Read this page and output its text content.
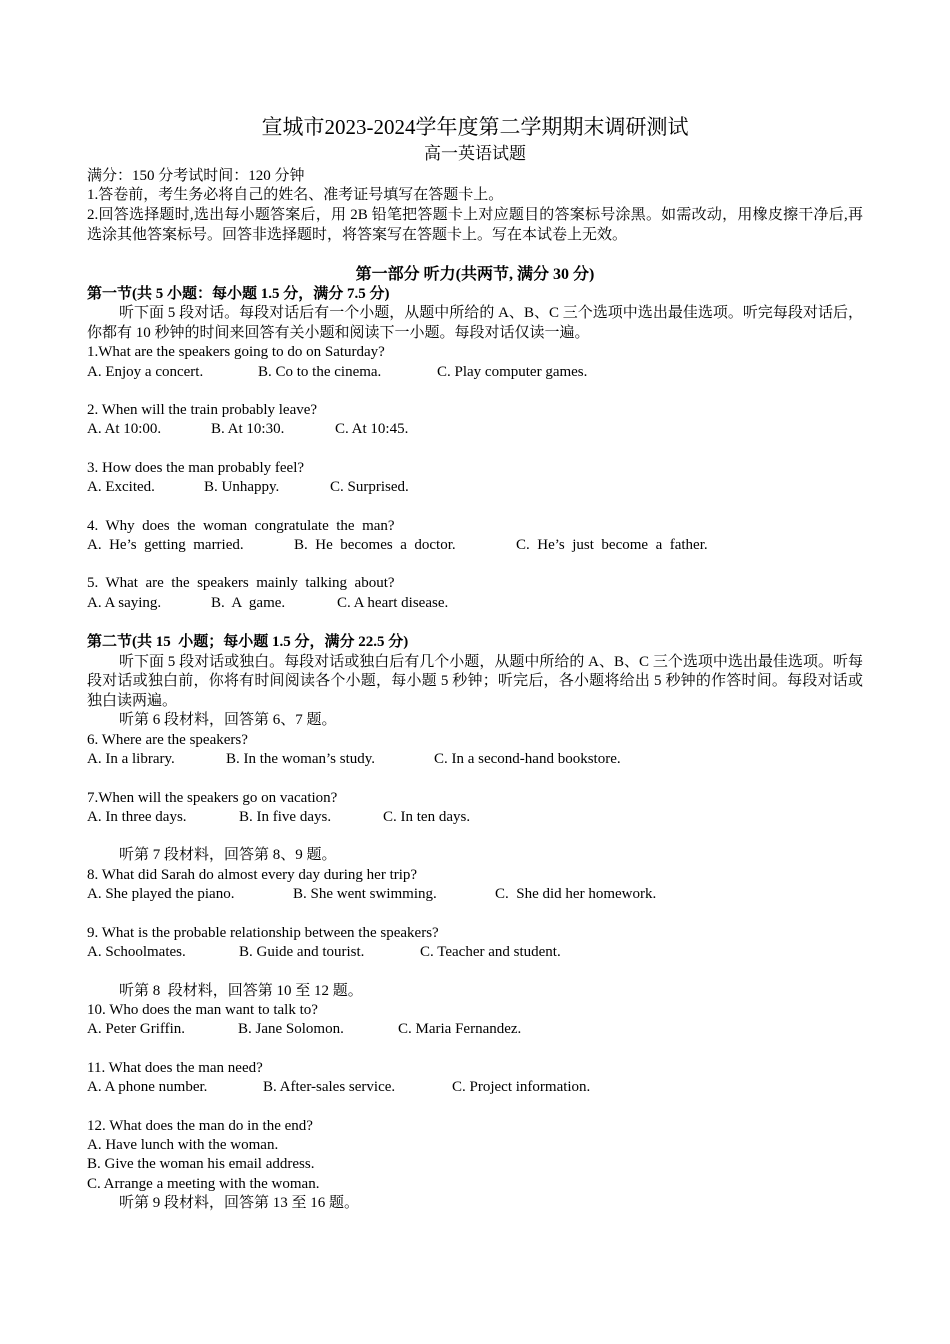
宣城市2023-2024学年度第二学期期末调研测试

高一英语试题

满分：150 分考试时间：120 分钟

1.答卷前，考生务必将自己的姓名、准考证号填写在答题卡上。

2.回答选择题时,选出每小题答案后，用 2B 铅笔把答题卡上对应题目的答案标号涂黑。如需改动，用橡皮擦干净后,再选涂其他答案标号。回答非选择题时，将答案写在答题卡上。写在本试卷上无效。

第一部分 听力(共两节, 满分 30 分)

第一节(共 5 小题：每小题 1.5 分，满分 7.5 分)

听下面 5 段对话。每段对话后有一个小题，从题中所给的 A、B、C 三个选项中选出最佳选项。听完每段对话后，你都有 10 秒钟的时间来回答有关小题和阅读下一小题。每段对话仅读一遍。

1.What are the speakers going to do on Saturday?

A. Enjoy a concert.	B. Co to the cinema.	C. Play computer games.

2. When will the train probably leave?

A. At 10:00.	B. At 10:30.	C. At 10:45.

3. How does the man probably feel?

A. Excited.	B. Unhappy.	C. Surprised.

4.  Why  does  the  woman  congratulate  the  man?

A.  He’s  getting  married.	B.  He  becomes  a  doctor.	C.  He’s  just  become  a  father.

5.  What  are  the  speakers  mainly  talking  about?

A. A saying.	B.  A  game.	C. A heart disease.

第二节(共 15  小题；每小题 1.5 分，满分 22.5 分)

听下面 5 段对话或独白。每段对话或独白后有几个小题，从题中所给的 A、B、C 三个选项中选出最佳选项。听每段对话或独白前，你将有时间阅读各个小题，每小题 5 秒钟；听完后，各小题将给出 5 秒钟的作答时间。每段对话或独白读两遍。

听第 6 段材料，回答第 6、7 题。

6. Where are the speakers?

A. In a library.	B. In the woman’s study.	C. In a second-hand bookstore.

7.When will the speakers go on vacation?

A. In three days.	B. In five days.	C. In ten days.

听第 7 段材料，回答第 8、9 题。

8. What did Sarah do almost every day during her trip?

A. She played the piano.	B. She went swimming.	C.  She did her homework.

9. What is the probable relationship between the speakers?

A. Schoolmates.	B. Guide and tourist.	C. Teacher and student.

听第 8  段材料，回答第 10 至 12 题。

10. Who does the man want to talk to?

A. Peter Griffin.	B. Jane Solomon.	C. Maria Fernandez.

11. What does the man need?

A. A phone number.	B. After-sales service.	C. Project information.

12. What does the man do in the end?

A. Have lunch with the woman.

B. Give the woman his email address.

C. Arrange a meeting with the woman.

听第 9 段材料，回答第 13 至 16 题。
